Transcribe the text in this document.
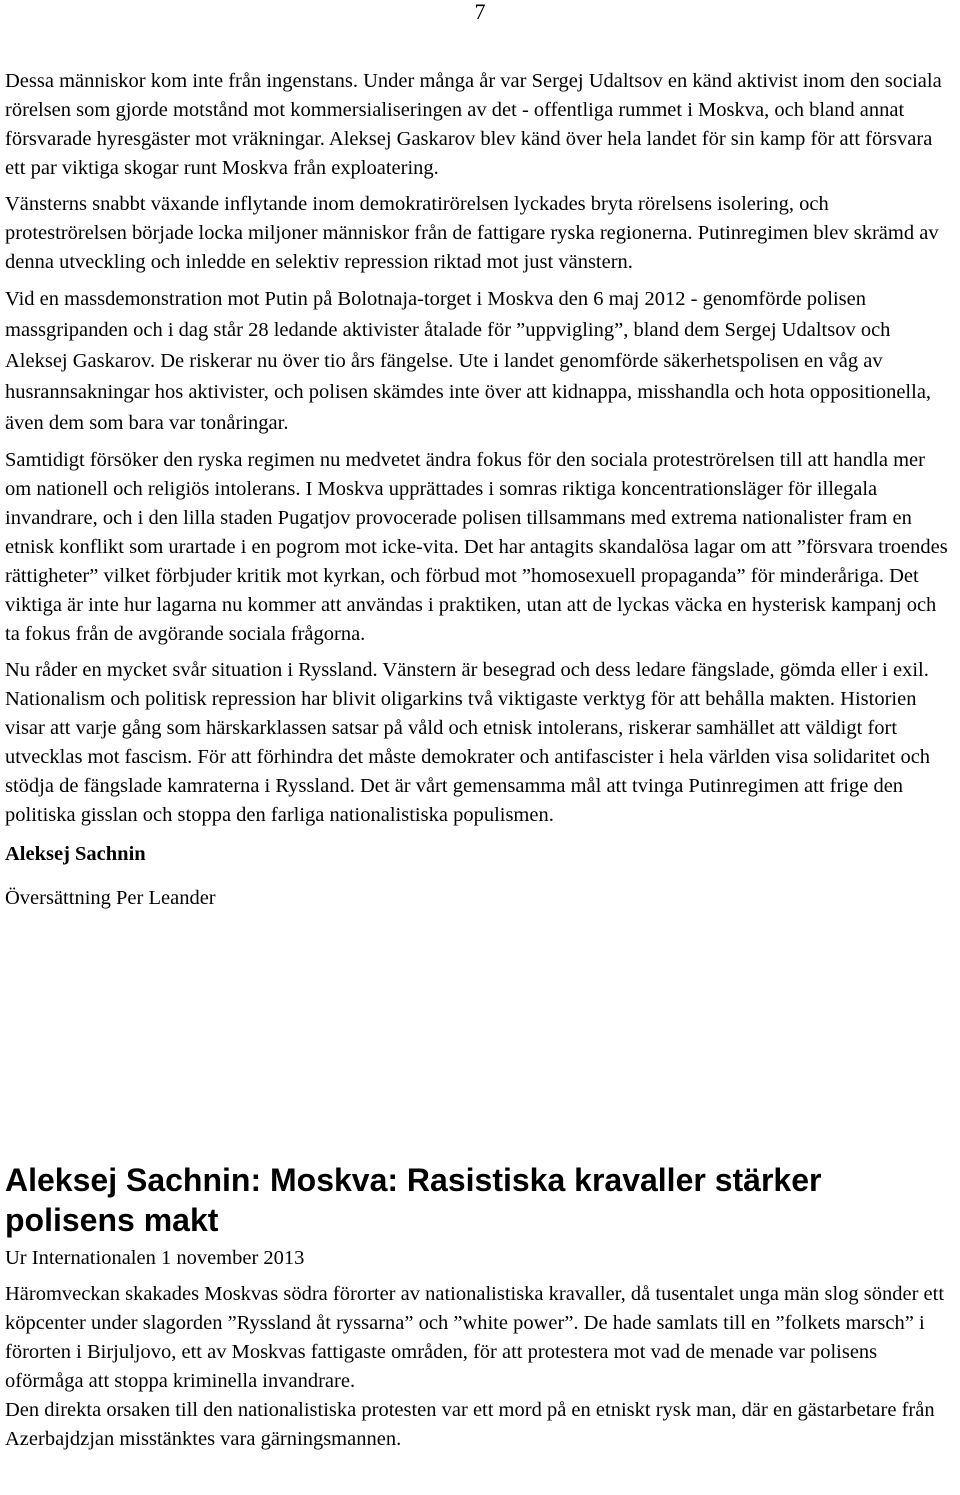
7

Dessa människor kom inte från ingenstans. Under många år var Sergej Udaltsov en känd aktivist inom den sociala rörelsen som gjorde motstånd mot kommersialiseringen av det - offentliga rummet i Moskva, och bland annat försvarade hyresgäster mot vräkningar. Aleksej Gaskarov blev känd över hela landet för sin kamp för att försvara ett par viktiga skogar runt Moskva från exploatering.

Vänsterns snabbt växande inflytande inom demokratirörelsen lyckades bryta rörelsens isolering, och proteströrelsen började locka miljoner människor från de fattigare ryska regionerna. Putinregimen blev skrämd av denna utveckling och inledde en selektiv repression riktad mot just vänstern.

Vid en massdemonstration mot Putin på Bolotnaja-torget i Moskva den 6 maj 2012 - genomförde polisen massgripanden och i dag står 28 ledande aktivister åtalade för ”uppvigling”, bland dem Sergej Udaltsov och Aleksej Gaskarov. De riskerar nu över tio års fängelse. Ute i landet genomförde säkerhetspolisen en våg av husrannsakningar hos aktivister, och polisen skämdes inte över att kidnappa, misshandla och hota oppositionella, även dem som bara var tonåringar.

Samtidigt försöker den ryska regimen nu medvetet ändra fokus för den sociala proteströrelsen till att handla mer om nationell och religiös intolerans. I Moskva upprättades i somras riktiga koncentrationsläger för illegala invandrare, och i den lilla staden Pugatjov provocerade polisen tillsammans med extrema nationalister fram en etnisk konflikt som urartade i en pogrom mot icke-vita. Det har antagits skandalösa lagar om att ”försvara troendes rättigheter” vilket förbjuder kritik mot kyrkan, och förbud mot ”homosexuell propaganda” för minderåriga. Det viktiga är inte hur lagarna nu kommer att användas i praktiken, utan att de lyckas väcka en hysterisk kampanj och ta fokus från de avgörande sociala frågorna.

Nu råder en mycket svår situation i Ryssland. Vänstern är besegrad och dess ledare fängslade, gömda eller i exil. Nationalism och politisk repression har blivit oligarkins två viktigaste verktyg för att behålla makten. Historien visar att varje gång som härskarklassen satsar på våld och etnisk intolerans, riskerar samhället att väldigt fort utvecklas mot fascism. För att förhindra det måste demokrater och antifascister i hela världen visa solidaritet och stödja de fängslade kamraterna i Ryssland. Det är vårt gemensamma mål att tvinga Putinregimen att frige den politiska gisslan och stoppa den farliga nationalistiska populismen.

Aleksej Sachnin

Översättning Per Leander

Aleksej Sachnin: Moskva: Rasistiska kravaller stärker polisens makt
Ur Internationalen 1 november 2013

Häromveckan skakades Moskvas södra förorter av nationalistiska kravaller, då tusentalet unga män slog sönder ett köpcenter under slagorden ”Ryssland åt ryssarna” och ”white power”. De hade samlats till en ”folkets marsch” i förorten i Birjuljovo, ett av Moskvas fattigaste områden, för att protestera mot vad de menade var polisens oförmåga att stoppa kriminella invandrare.

Den direkta orsaken till den nationalistiska protesten var ett mord på en etniskt rysk man, där en gästarbetare från Azerbajdzjan misstänktes vara gärningsmannen.
